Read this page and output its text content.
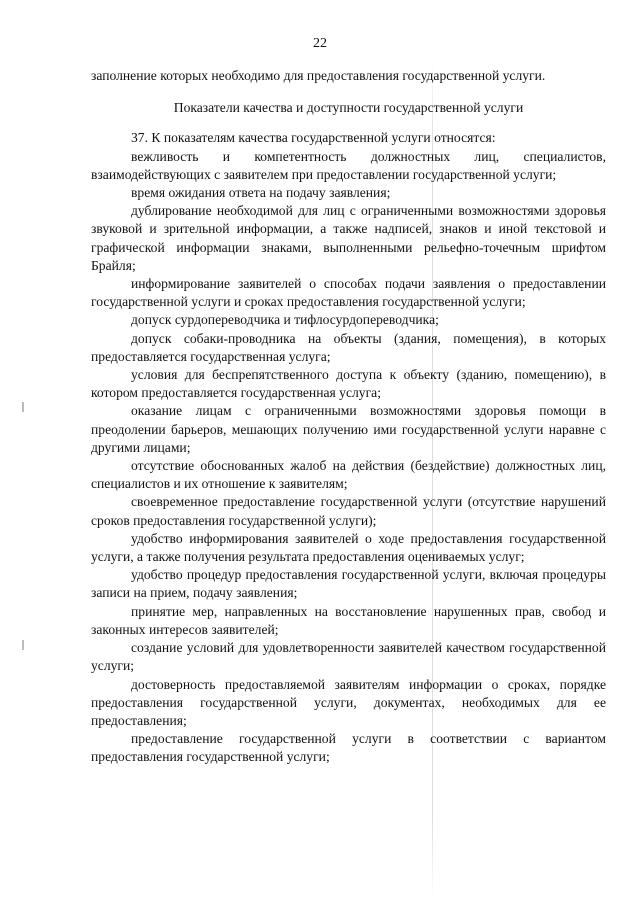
22

заполнение которых необходимо для предоставления государственной услуги.

Показатели качества и доступности государственной услуги

37. К показателям качества государственной услуги относятся:

вежливость и компетентность должностных лиц, специалистов, взаимодействующих с заявителем при предоставлении государственной услуги;

время ожидания ответа на подачу заявления;

дублирование необходимой для лиц с ограниченными возможностями здоровья звуковой и зрительной информации, а также надписей, знаков и иной текстовой и графической информации знаками, выполненными рельефно-точечным шрифтом Брайля;

информирование заявителей о способах подачи заявления о предоставлении государственной услуги и сроках предоставления государственной услуги;

допуск сурдопереводчика и тифлосурдопереводчика;

допуск собаки-проводника на объекты (здания, помещения), в которых предоставляется государственная услуга;

условия для беспрепятственного доступа к объекту (зданию, помещению), в котором предоставляется государственная услуга;

оказание лицам с ограниченными возможностями здоровья помощи в преодолении барьеров, мешающих получению ими государственной услуги наравне с другими лицами;

отсутствие обоснованных жалоб на действия (бездействие) должностных лиц, специалистов и их отношение к заявителям;

своевременное предоставление государственной услуги (отсутствие нарушений сроков предоставления государственной услуги);

удобство информирования заявителей о ходе предоставления государственной услуги, а также получения результата предоставления оцениваемых услуг;

удобство процедур предоставления государственной услуги, включая процедуры записи на прием, подачу заявления;

принятие мер, направленных на восстановление нарушенных прав, свобод и законных интересов заявителей;

создание условий для удовлетворенности заявителей качеством государственной услуги;

достоверность предоставляемой заявителям информации о сроках, порядке предоставления государственной услуги, документах, необходимых для ее предоставления;

предоставление государственной услуги в соответствии с вариантом предоставления государственной услуги;
